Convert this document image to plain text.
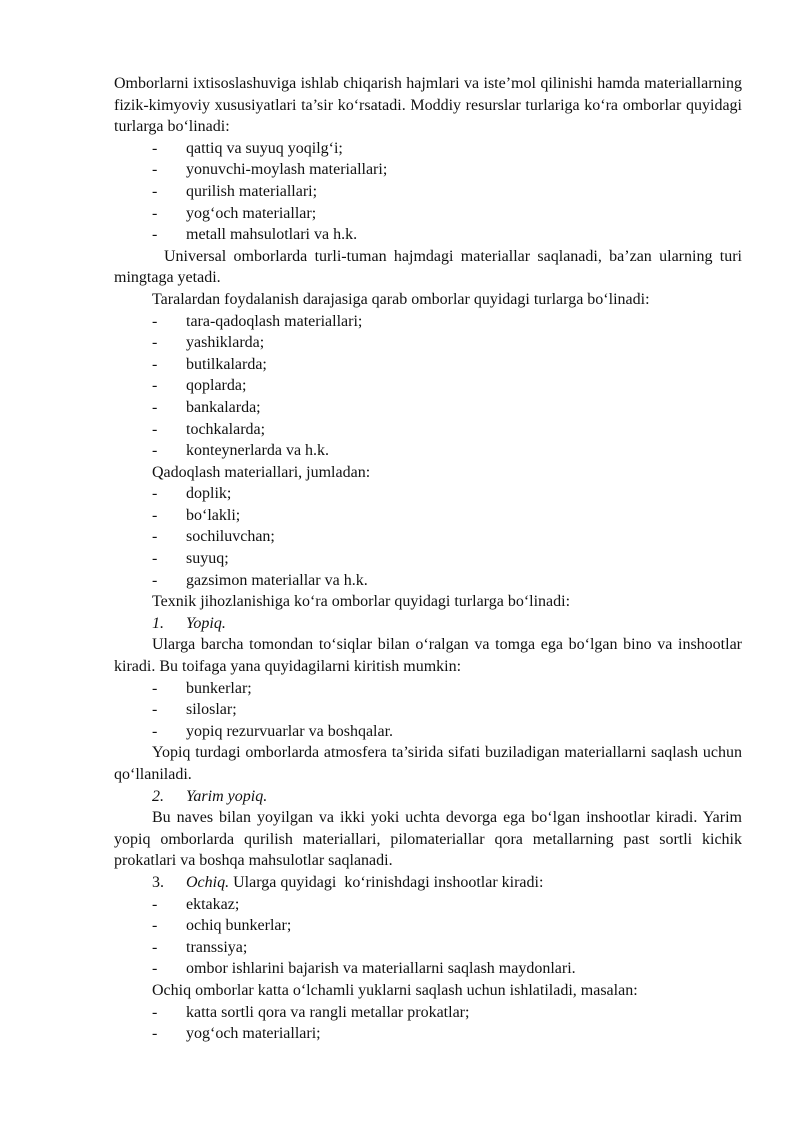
Omborlarni ixtisoslashuviga ishlab chiqarish hajmlari va iste’mol qilinishi hamda materiallarning fizik-kimyoviy xususiyatlari ta’sir ko‘rsatadi. Moddiy resurslar turlariga ko‘ra omborlar quyidagi turlarga bo‘linadi:

-	qattiq va suyuq yoqilg‘i;
-	yonuvchi-moylash materiallari;
-	qurilish materiallari;
-	yog‘och materiallar;
-	metall mahsulotlari va h.k.

Universal omborlarda turli-tuman hajmdagi materiallar saqlanadi, ba’zan ularning turi mingtaga yetadi.

Taralardan foydalanish darajasiga qarab omborlar quyidagi turlarga bo‘linadi:

-	tara-qadoqlash materiallari;
-	yashiklarda;
-	butilkalarda;
-	qoplarda;
-	bankalarda;
-	tochkalarda;
-	konteynerlarda va h.k.

Qadoqlash materiallari, jumladan:

-	doplik;
-	bo‘lakli;
-	sochiluvchan;
-	suyuq;
-	gazsimon materiallar va h.k.

Texnik jihozlanishiga ko‘ra omborlar quyidagi turlarga bo‘linadi:

1.	Yopiq.

Ularga barcha tomondan to‘siqlar bilan o‘ralgan va tomga ega bo‘lgan bino va inshootlar kiradi. Bu toifaga yana quyidagilarni kiritish mumkin:

-	bunkerlar;
-	siloslar;
-	yopiq rezurvuarlar va boshqalar.

Yopiq turdagi omborlarda atmosfera ta’sirida sifati buziladigan materiallarni saqlash uchun qo‘llaniladi.

2.	Yarim yopiq.

Bu naves bilan yoyilgan va ikki yoki uchta devorga ega bo‘lgan inshootlar kiradi. Yarim yopiq omborlarda qurilish materiallari, pilomateriallar qora metallarning past sortli kichik prokatlari va boshqa mahsulotlar saqlanadi.

3.	Ochiq. Ularga quyidagi  ko‘rinishdagi inshootlar kiradi:
-	ektakaz;
-	ochiq bunkerlar;
-	transsiya;
-	ombor ishlarini bajarish va materiallarni saqlash maydonlari.

Ochiq omborlar katta o‘lchamli yuklarni saqlash uchun ishlatiladi, masalan:

-	katta sortli qora va rangli metallar prokatlar;
-	yog‘och materiallari;
